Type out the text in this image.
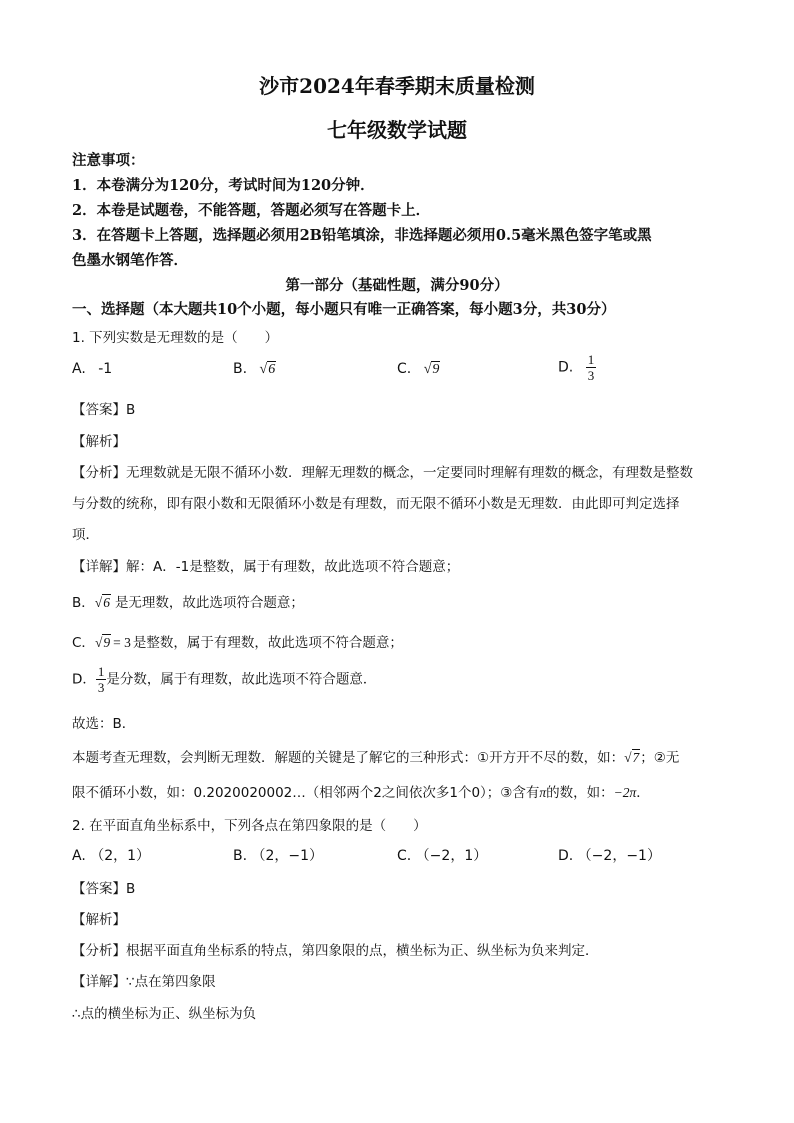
沙市2024年春季期末质量检测
七年级数学试题
注意事项：
1．本卷满分为120分，考试时间为120分钟．
2．本卷是试题卷，不能答题，答题必须写在答题卡上．
3．在答题卡上答题，选择题必须用2B铅笔填涂，非选择题必须用0.5毫米黑色签字笔或黑
色墨水钢笔作答．
第一部分（基础性题，满分90分）
一、选择题（本大题共10个小题，每小题只有唯一正确答案，每小题3分，共30分）
1. 下列实数是无理数的是（　　）
A. -1	B. √6	C. √9	D. $\frac{1}{3}$
【答案】B
【解析】
【分析】无理数就是无限不循环小数．理解无理数的概念，一定要同时理解有理数的概念，有理数是整数
与分数的统称，即有限小数和无限循环小数是有理数，而无限不循环小数是无理数．由此即可判定选择
项．
【详解】解：A．-1是整数，属于有理数，故此选项不符合题意；
B．√6 是无理数，故此选项符合题意；
C．√9 = 3 是整数，属于有理数，故此选项不符合题意；
D． $\frac{1}{3}$ 是分数，属于有理数，故此选项不符合题意．
故选：B．
本题考查无理数，会判断无理数．解题的关键是了解它的三种形式：①开方开不尽的数，如：√7；②无
限不循环小数，如：0.2020020002…（相邻两个2之间依次多1个0）；③含有π的数，如：−2π．
2. 在平面直角坐标系中，下列各点在第四象限的是（　　）
A. （2，1）	B. （2，−1）	C. （−2，1）	D. （−2，−1）
【答案】B
【解析】
【分析】根据平面直角坐标系的特点，第四象限的点，横坐标为正、纵坐标为负来判定．
【详解】∵点在第四象限
∴点的横坐标为正、纵坐标为负
